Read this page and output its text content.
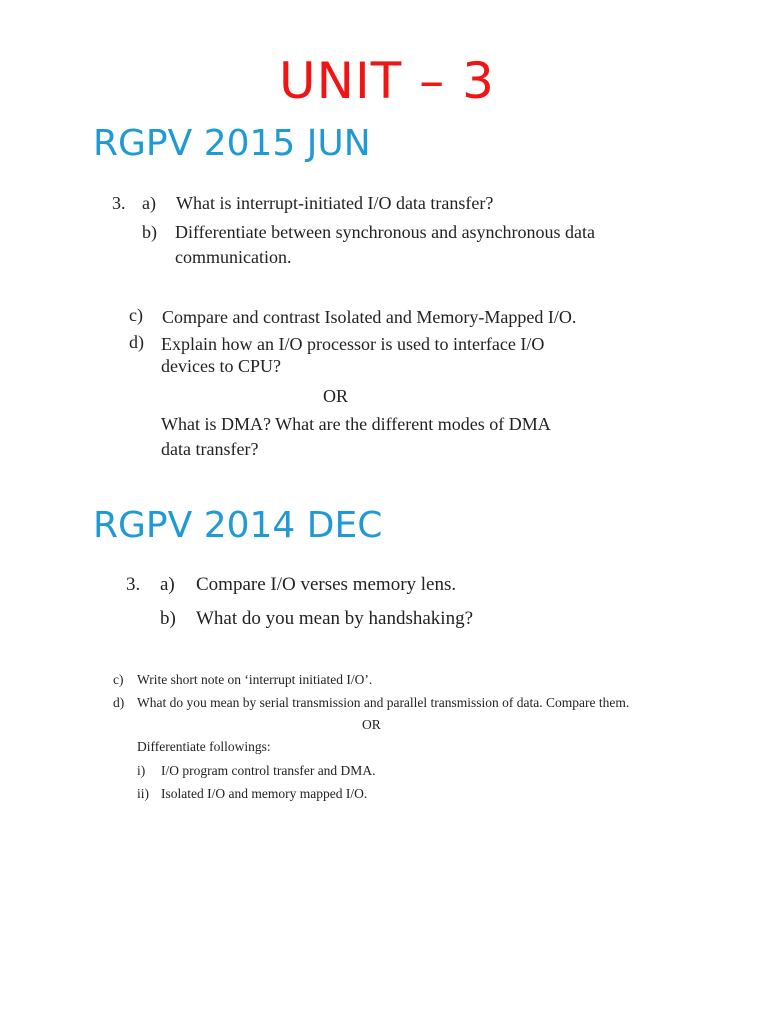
UNIT – 3
RGPV 2015 JUN
3. a) What is interrupt-initiated I/O data transfer?
b) Differentiate between synchronous and asynchronous data
communication.
c) Compare and contrast Isolated and Memory-Mapped I/O.
d) Explain how an I/O processor is used to interface I/O
devices to CPU?
OR
What is DMA? What are the different modes of DMA
data transfer?
RGPV 2014 DEC
3. a) Compare I/O verses memory lens.
b) What do you mean by handshaking?
c) Write short note on ‘interrupt initiated I/O’.
d) What do you mean by serial transmission and parallel transmission of data. Compare them.
OR
Differentiate followings:
i) I/O program control transfer and DMA.
ii) Isolated I/O and memory mapped I/O.
